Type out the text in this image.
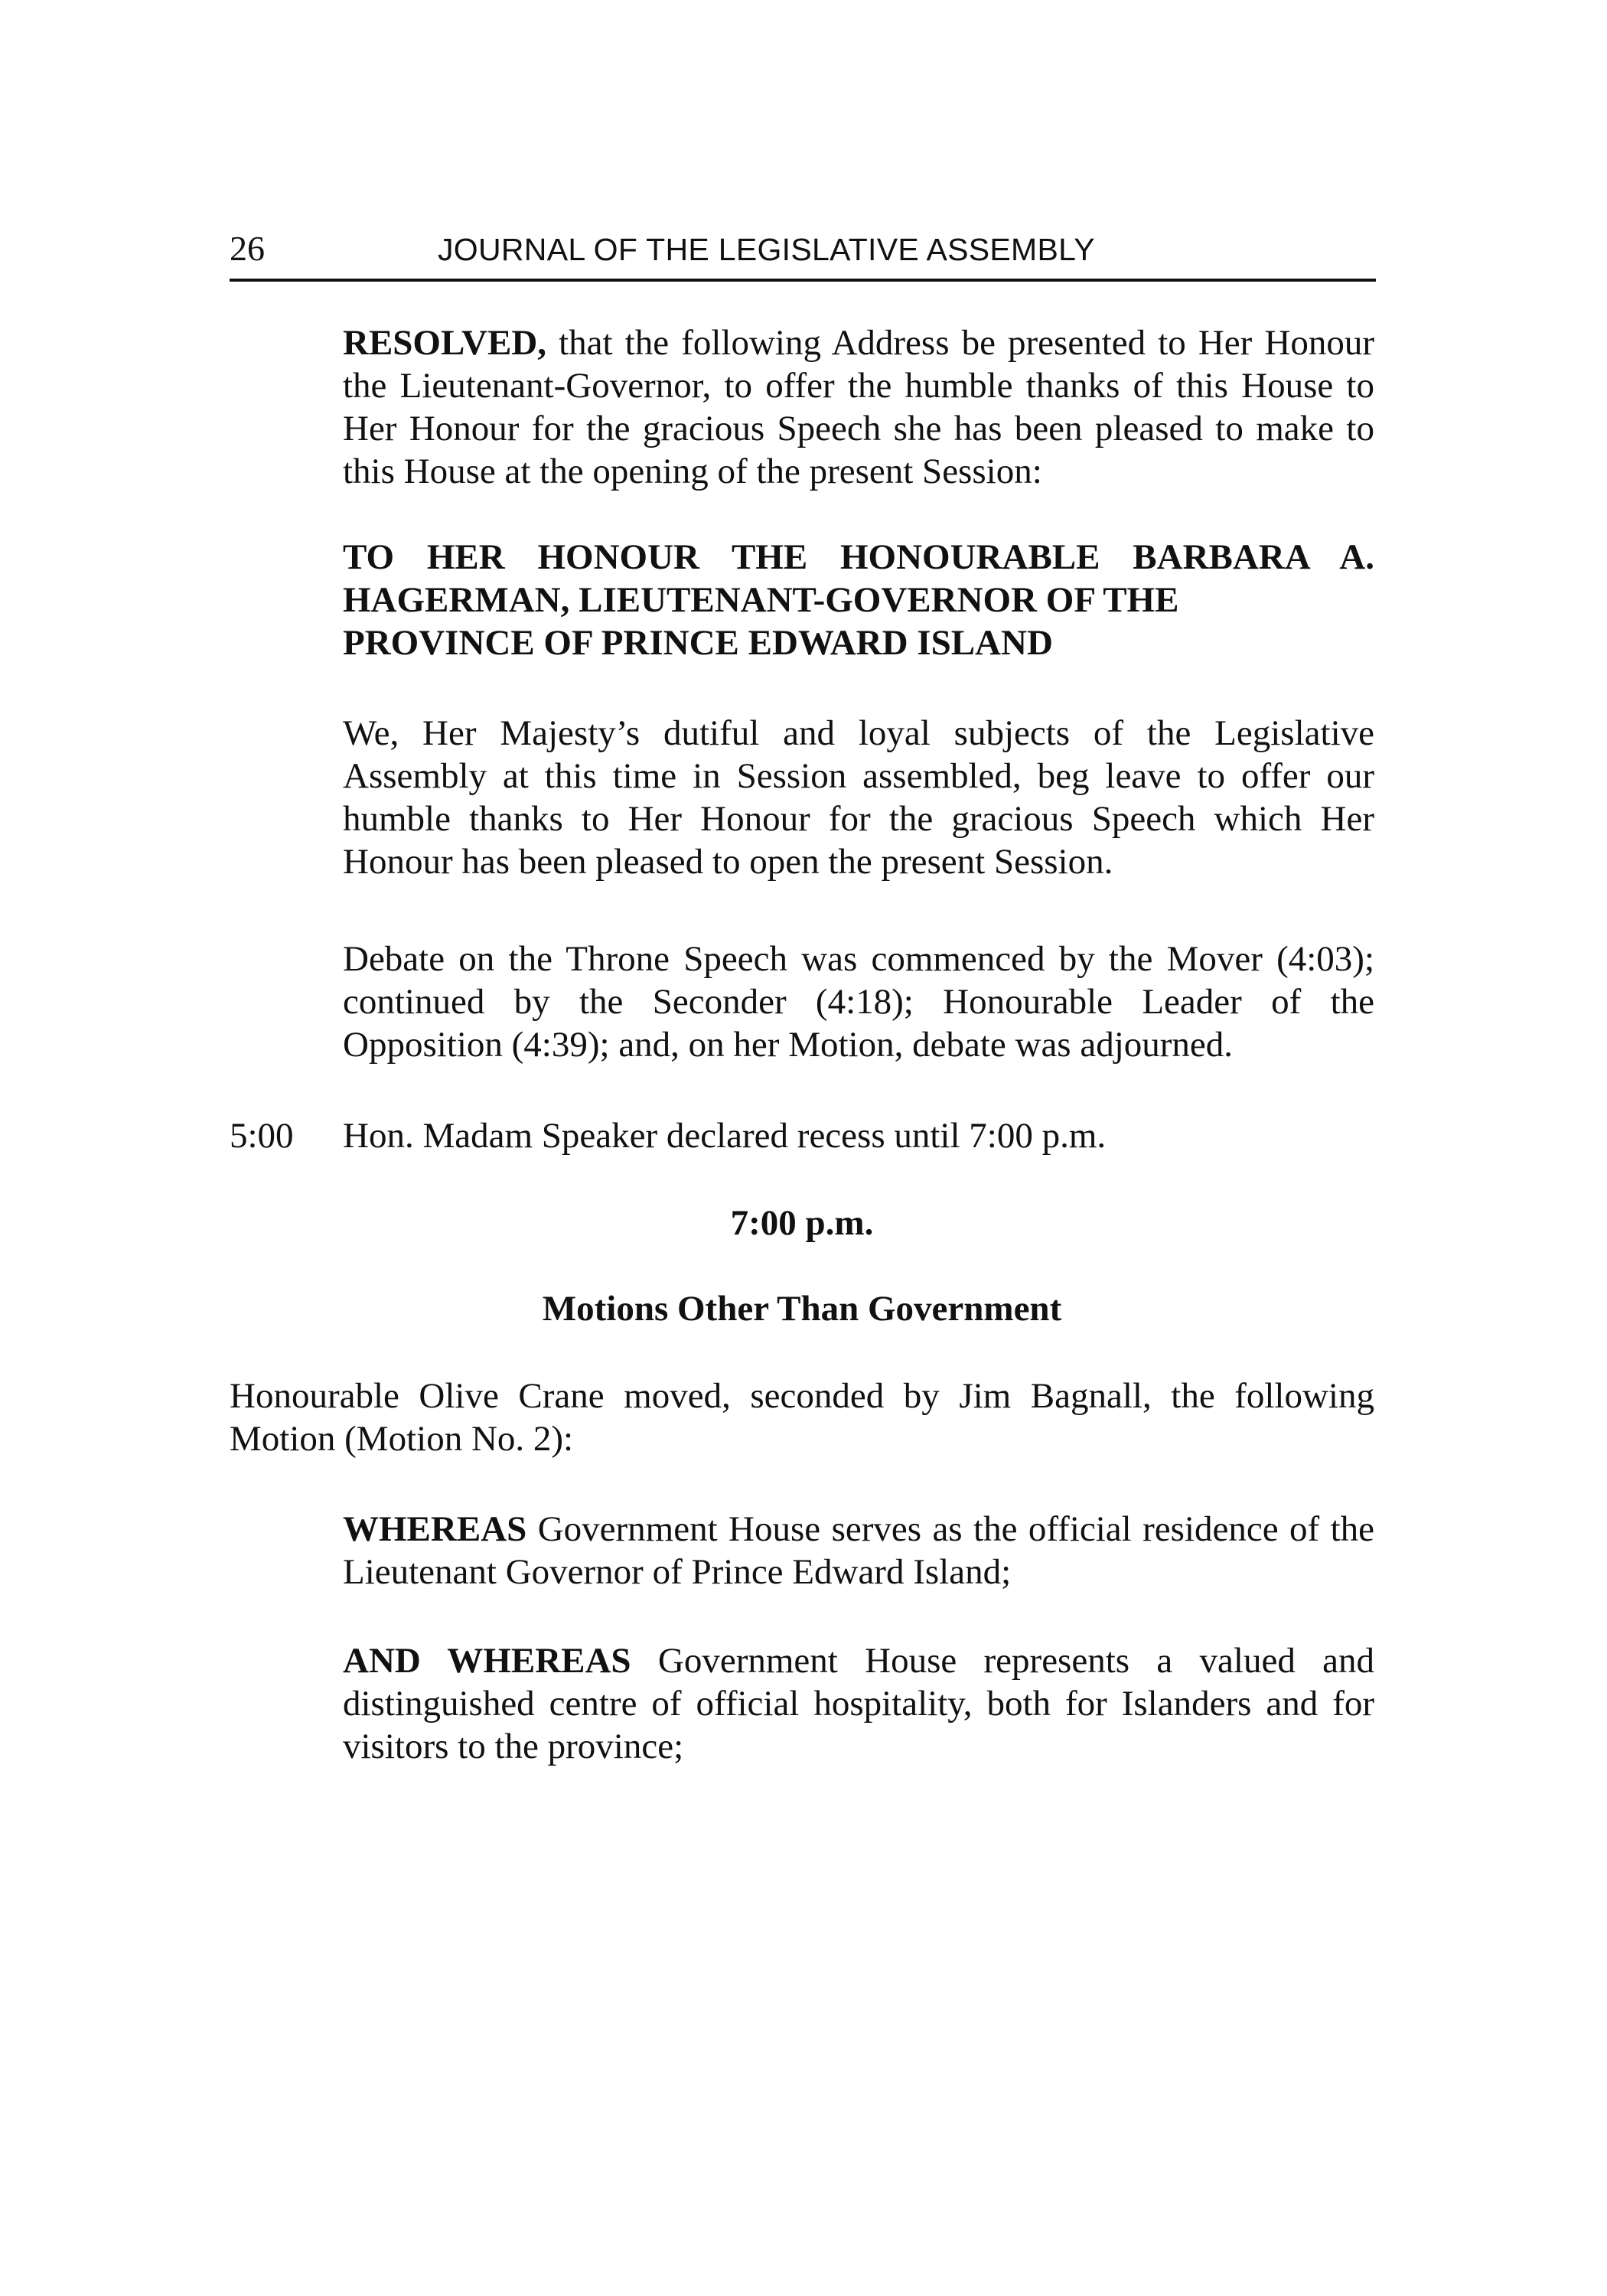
26	JOURNAL OF THE LEGISLATIVE ASSEMBLY

RESOLVED, that the following Address be presented to Her Honour the Lieutenant-Governor, to offer the humble thanks of this House to Her Honour for the gracious Speech she has been pleased to make to this House at the opening of the present Session:

TO HER HONOUR THE HONOURABLE BARBARA A.
HAGERMAN, LIEUTENANT-GOVERNOR OF THE
PROVINCE OF PRINCE EDWARD ISLAND

We, Her Majesty’s dutiful and loyal subjects of the Legislative Assembly at this time in Session assembled, beg leave to offer our humble thanks to Her Honour for the gracious Speech which Her Honour has been pleased to open the present Session.

Debate on the Throne Speech was commenced by the Mover (4:03); continued by the Seconder (4:18); Honourable Leader of the Opposition (4:39); and, on her Motion, debate was adjourned.

5:00 Hon. Madam Speaker declared recess until 7:00 p.m.

7:00 p.m.

Motions Other Than Government

Honourable Olive Crane moved, seconded by Jim Bagnall, the following Motion (Motion No. 2):

WHEREAS Government House serves as the official residence of the Lieutenant Governor of Prince Edward Island;

AND WHEREAS Government House represents a valued and distinguished centre of official hospitality, both for Islanders and for visitors to the province;
